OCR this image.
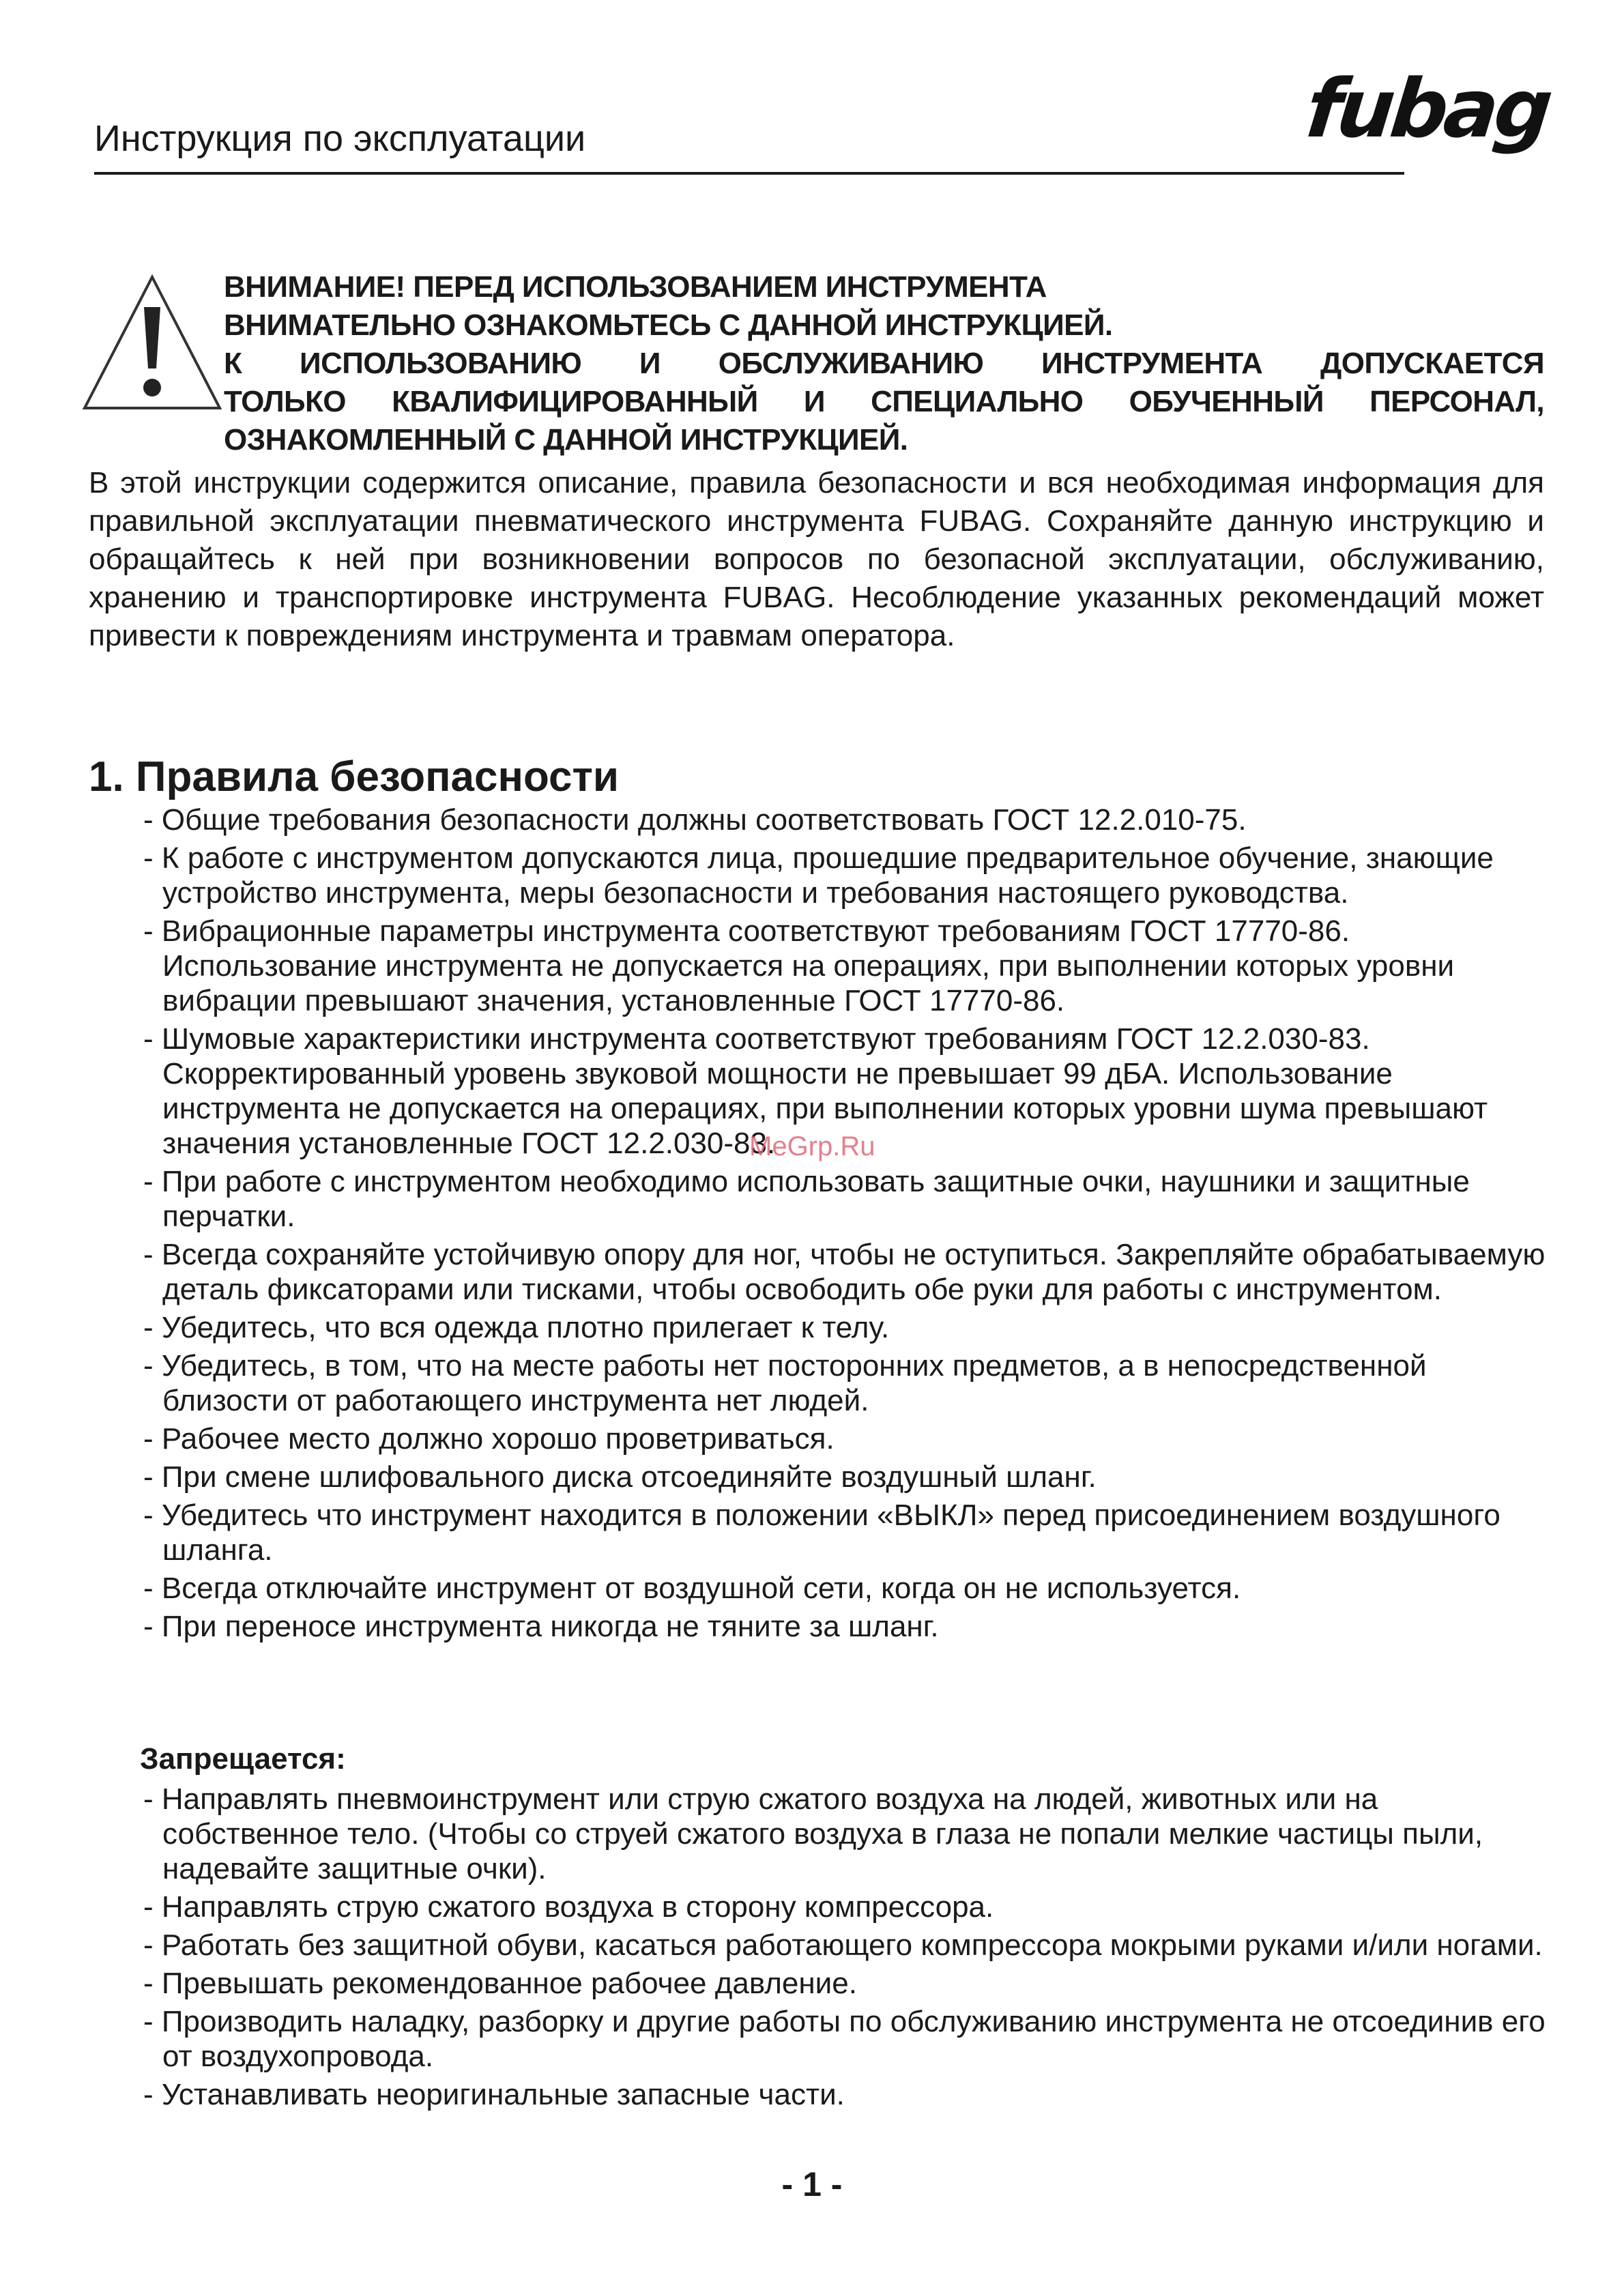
Инструкция по эксплуатации	fubag

ВНИМАНИЕ! ПЕРЕД ИСПОЛЬЗОВАНИЕМ ИНСТРУМЕНТА

ВНИМАТЕЛЬНО ОЗНАКОМЬТЕСЬ С ДАННОЙ ИНСТРУКЦИЕЙ.

К ИСПОЛЬЗОВАНИЮ И ОБСЛУЖИВАНИЮ ИНСТРУМЕНТА ДОПУСКАЕТСЯ

ТОЛЬКО КВАЛИФИЦИРОВАННЫЙ И СПЕЦИАЛЬНО ОБУЧЕННЫЙ ПЕРСОНАЛ,

ОЗНАКОМЛЕННЫЙ С ДАННОЙ ИНСТРУКЦИЕЙ.

В этой инструкции содержится описание, правила безопасности и вся необходимая информация для правильной эксплуатации пневматического инструмента FUBAG. Сохраняйте данную инструкцию и обращайтесь к ней при возникновении вопросов по безопасной эксплуатации, обслуживанию, хранению и транспортировке инструмента FUBAG. Несоблюдение указанных рекомендаций может привести к повреждениям инструмента и травмам оператора.

1. Правила безопасности
- Общие требования безопасности должны соответствовать ГОСТ 12.2.010-75.
- К работе с инструментом допускаются лица, прошедшие предварительное обучение, знающие устройство инструмента, меры безопасности и требования настоящего руководства.
- Вибрационные параметры инструмента соответствуют требованиям ГОСТ 17770-86. Использование инструмента не допускается на операциях, при выполнении которых уровни вибрации превышают значения, установленные ГОСТ 17770-86.
- Шумовые характеристики инструмента соответствуют требованиям ГОСТ 12.2.030-83. Скорректированный уровень звуковой мощности не превышает 99 дБА. Использование инструмента не допускается на операциях, при выполнении которых уровни шума превышают значения установленные ГОСТ 12.2.030-83.
- При работе с инструментом необходимо использовать защитные очки, наушники и защитные перчатки.
- Всегда сохраняйте устойчивую опору для ног, чтобы не оступиться. Закрепляйте обрабатываемую деталь фиксаторами или тисками, чтобы освободить обе руки для работы с инструментом.
- Убедитесь, что вся одежда плотно прилегает к телу.
- Убедитесь, в том, что на месте работы нет посторонних предметов, а в непосредственной близости от работающего инструмента нет людей.
- Рабочее место должно хорошо проветриваться.
- При смене шлифовального диска отсоединяйте воздушный шланг.
- Убедитесь что инструмент находится в положении «ВЫКЛ» перед присоединением воздушного шланга.
- Всегда отключайте инструмент от воздушной сети, когда он не используется.
- При переносе инструмента никогда не тяните за шланг.
Запрещается:
- Направлять пневмоинструмент или струю сжатого воздуха на людей, животных или на собственное тело. (Чтобы со струей сжатого воздуха в глаза не попали мелкие частицы пыли, надевайте защитные очки).
- Направлять струю сжатого воздуха в сторону компрессора.
- Работать без защитной обуви, касаться работающего компрессора мокрыми руками и/или ногами.
- Превышать рекомендованное рабочее давление.
- Производить наладку, разборку и другие работы по обслуживанию инструмента не отсоединив его от воздухопровода.
- Устанавливать неоригинальные запасные части.

- 1 -

MeGrp.Ru
